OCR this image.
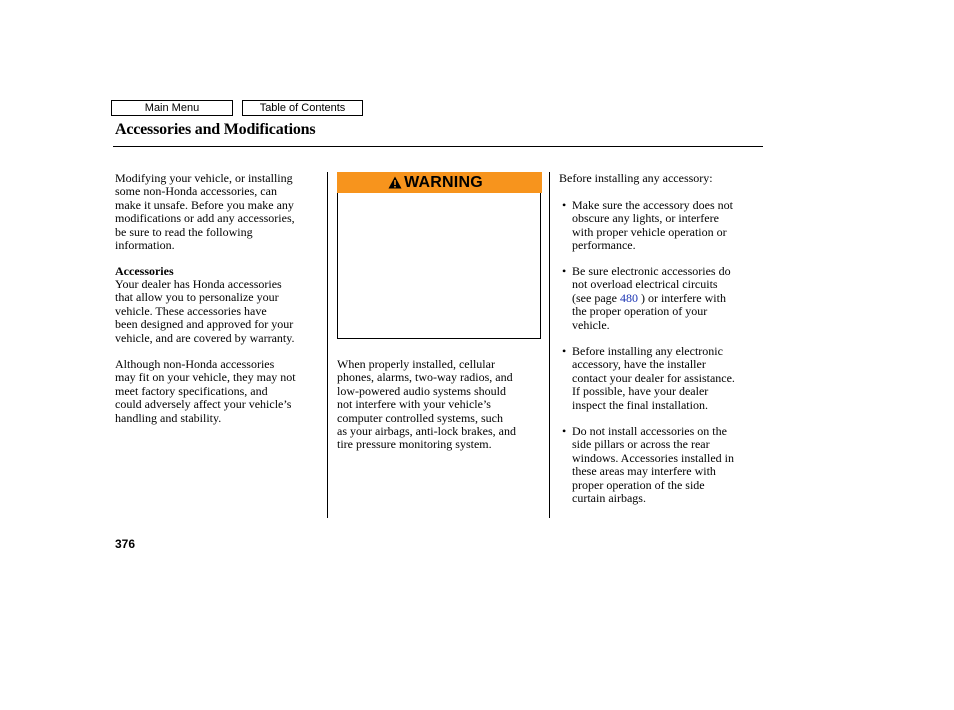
Main Menu	Table of Contents
Accessories and Modifications
Modifying your vehicle, or installing
some non-Honda accessories, can
make it unsafe. Before you make any
modifications or add any accessories,
be sure to read the following
information.
Accessories
Your dealer has Honda accessories
that allow you to personalize your
vehicle. These accessories have
been designed and approved for your
vehicle, and are covered by warranty.
Although non-Honda accessories
may fit on your vehicle, they may not
meet factory specifications, and
could adversely affect your vehicle’s
handling and stability.
WARNING
When properly installed, cellular
phones, alarms, two-way radios, and
low-powered audio systems should
not interfere with your vehicle’s
computer controlled systems, such
as your airbags, anti-lock brakes, and
tire pressure monitoring system.
Before installing any accessory:
• Make sure the accessory does not
obscure any lights, or interfere
with proper vehicle operation or
performance.
• Be sure electronic accessories do
not overload electrical circuits
(see page 480 ) or interfere with
the proper operation of your
vehicle.
• Before installing any electronic
accessory, have the installer
contact your dealer for assistance.
If possible, have your dealer
inspect the final installation.
• Do not install accessories on the
side pillars or across the rear
windows. Accessories installed in
these areas may interfere with
proper operation of the side
curtain airbags.
376
